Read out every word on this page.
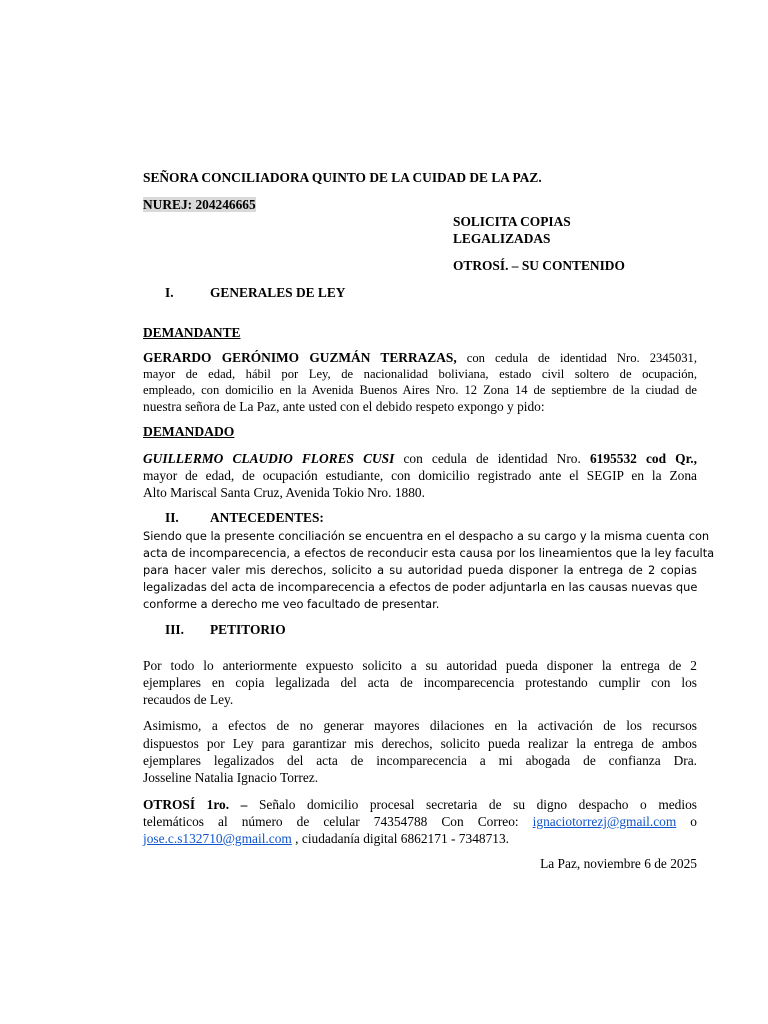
SEÑORA CONCILIADORA QUINTO DE LA CUIDAD DE LA PAZ.
NUREJ: 204246665
SOLICITA COPIAS
LEGALIZADAS
OTROSÍ. – SU CONTENIDO
I.	GENERALES DE LEY
DEMANDANTE
GERARDO GERÓNIMO GUZMÁN TERRAZAS, con cedula de identidad Nro. 2345031,
mayor de edad, hábil por Ley, de nacionalidad boliviana, estado civil soltero de ocupación,
empleado, con domicilio en la Avenida Buenos Aires Nro. 12 Zona 14 de septiembre de la ciudad de
nuestra señora de La Paz, ante usted con el debido respeto expongo y pido:
DEMANDADO
GUILLERMO CLAUDIO FLORES CUSI con cedula de identidad Nro. 6195532 cod Qr.,
mayor de edad, de ocupación estudiante, con domicilio registrado ante el SEGIP en la Zona
Alto Mariscal Santa Cruz, Avenida Tokio Nro. 1880.
II. ANTECEDENTES:
Siendo que la presente conciliación se encuentra en el despacho a su cargo y la misma cuenta con
acta de incomparecencia, a efectos de reconducir esta causa por los lineamientos que la ley faculta
para hacer valer mis derechos, solicito a su autoridad pueda disponer la entrega de 2 copias
legalizadas del acta de incomparecencia a efectos de poder adjuntarla en las causas nuevas que
conforme a derecho me veo facultado de presentar.
III. PETITORIO
Por todo lo anteriormente expuesto solicito a su autoridad pueda disponer la entrega de 2
ejemplares en copia legalizada del acta de incomparecencia protestando cumplir con los
recaudos de Ley.
Asimismo, a efectos de no generar mayores dilaciones en la activación de los recursos
dispuestos por Ley para garantizar mis derechos, solicito pueda realizar la entrega de ambos
ejemplares legalizados del acta de incomparecencia a mi abogada de confianza Dra.
Josseline Natalia Ignacio Torrez.
OTROSÍ 1ro. – Señalo domicilio procesal secretaria de su digno despacho o medios
telemáticos al número de celular 74354788 Con Correo: ignaciotorrezj@gmail.com o
jose.c.s132710@gmail.com , ciudadanía digital 6862171 - 7348713.
La Paz, noviembre 6 de 2025
